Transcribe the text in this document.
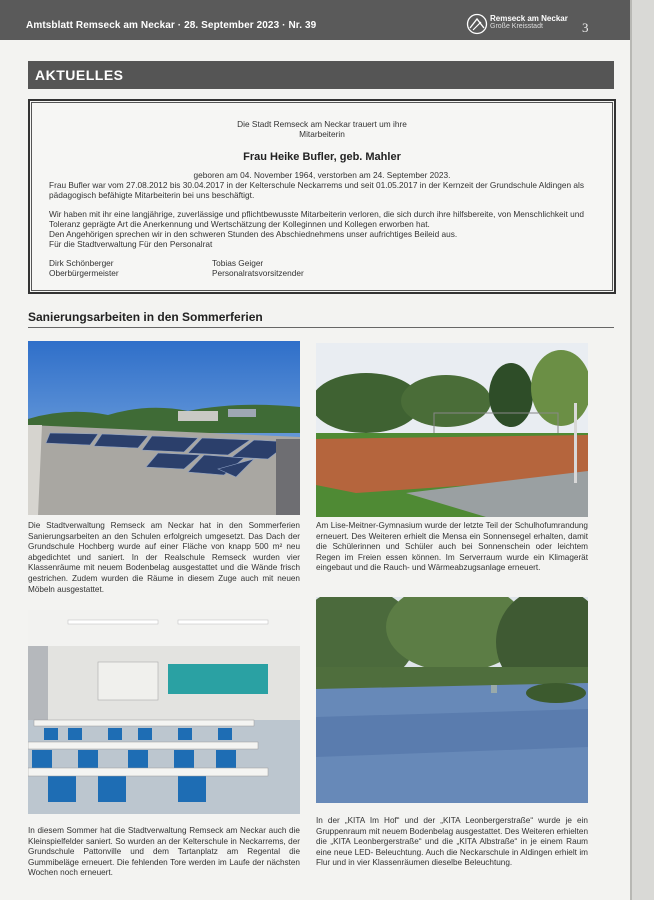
Amtsblatt Remseck am Neckar · 28. September 2023 · Nr. 39
Remseck am Neckar
Große Kreisstadt	3
AKTUELLES
Die Stadt Remseck am Neckar trauert um ihre
Mitarbeiterin
Frau Heike Bufler, geb. Mahler
geboren am 04. November 1964, verstorben am 24. September 2023.
Frau Bufler war vom 27.08.2012 bis 30.04.2017 in der Kelterschule Neckarrems und seit 01.05.2017 in der Kernzeit der Grundschule Aldingen als pädagogisch befähigte Mitarbeiterin bei uns beschäftigt.
Wir haben mit ihr eine langjährige, zuverlässige und pflichtbewusste Mitarbeiterin verloren, die sich durch ihre hilfsbereite, von Menschlichkeit und Toleranz geprägte Art die Anerkennung und Wertschätzung der Kolleginnen und Kollegen erworben hat.
Den Angehörigen sprechen wir in den schweren Stunden des Abschiednehmens unser aufrichtiges Beileid aus.
Für die Stadtverwaltung Für den Personalrat
Dirk Schönberger
Oberbürgermeister
Tobias Geiger
Personalratsvorsitzender
Sanierungsarbeiten in den Sommerferien
Die Stadtverwaltung Remseck am Neckar hat in den Sommerferien Sanierungsarbeiten an den Schulen erfolgreich umgesetzt. Das Dach der Grundschule Hochberg wurde auf einer Fläche von knapp 500 m² neu abgedichtet und saniert. In der Realschule Remseck wurden vier Klassenräume mit neuem Bodenbelag ausgestattet und die Wände frisch gestrichen. Zudem wurden die Räume in diesem Zuge auch mit neuen Möbeln ausgestattet.
Am Lise-Meitner-Gymnasium wurde der letzte Teil der Schulhofumrandung erneuert. Des Weiteren erhielt die Mensa ein Sonnensegel erhalten, damit die Schülerinnen und Schüler auch bei Sonnenschein oder leichtem Regen im Freien essen können. Im Serverraum wurde ein Klimagerät eingebaut und die Rauch- und Wärmeabzugsanlage erneuert.
In diesem Sommer hat die Stadtverwaltung Remseck am Neckar auch die Kleinspielfelder saniert. So wurden an der Kelterschule in Neckarrems, der Grundschule Pattonville und dem Tartanplatz am Regental die Gummibeläge erneuert. Die fehlenden Tore werden im Laufe der nächsten Wochen noch erneuert.
In der „KITA Im Hof“ und der „KITA Leonbergerstraße“ wurde je ein Gruppenraum mit neuem Bodenbelag ausgestattet. Des Weiteren erhielten die „KITA Leonbergerstraße“ und die „KITA Albstraße“ in je einem Raum eine neue LED- Beleuchtung. Auch die Neckarschule in Aldingen erhielt im Flur und in vier Klassenräumen dieselbe Beleuchtung.
